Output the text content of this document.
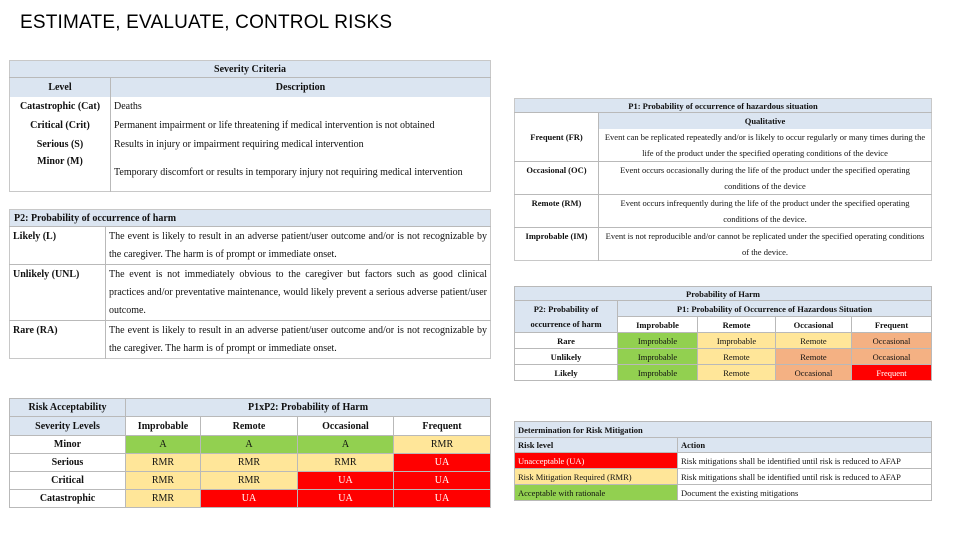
ESTIMATE, EVALUATE, CONTROL RISKS
Severity Criteria	
Level	Description
Catastrophic (Cat)	Deaths
Critical (Crit)	Permanent impairment or life threatening if medical intervention is not obtained
Serious (S)	Results in injury or impairment requiring medical intervention
Minor (M)	Temporary discomfort or results in temporary injury not requiring medical intervention
P2: Probability of occurrence of harm	
Likely (L)	The event is likely to result in an adverse patient/user outcome and/or is not recognizable by the caregiver. The harm is of prompt or immediate onset.
Unlikely (UNL)	The event is not immediately obvious to the caregiver but factors such as good clinical practices and/or preventative maintenance, would likely prevent a serious adverse patient/user outcome.
Rare (RA)	The event is likely to result in an adverse patient/user outcome and/or is not recognizable by the caregiver. The harm is of prompt or immediate onset.
Risk Acceptability	P1xP2: Probability of Harm			
Severity Levels	Improbable	Remote	Occasional	Frequent
Minor	A	A	A	RMR
Serious	RMR	RMR	RMR	UA
Critical	RMR	RMR	UA	UA
Catastrophic	RMR	UA	UA	UA
P1: Probability of occurrence of hazardous situation	
	Qualitative
Frequent (FR)	Event can be replicated repeatedly and/or is likely to occur regularly or many times during the life of the product under the specified operating conditions of the device
Occasional (OC)	Event occurs occasionally during the life of the product under the specified operating conditions of the device
Remote (RM)	Event occurs infrequently during the life of the product under the specified operating conditions of the device.
Improbable (IM)	Event is not reproducible and/or cannot be replicated under the specified operating conditions of the device.
Probability of Harm				
P2: Probability of occurrence of harm	P1: Probability of Occurrence of Hazardous Situation			
	Improbable	Remote	Occasional	Frequent
Rare	Improbable	Improbable	Remote	Occasional
Unlikely	Improbable	Remote	Remote	Occasional
Likely	Improbable	Remote	Occasional	Frequent
Determination for Risk Mitigation	
Risk level	Action
Unacceptable (UA)	Risk mitigations shall be identified until risk is reduced to AFAP
Risk Mitigation Required (RMR)	Risk mitigations shall be identified until risk is reduced to AFAP
Acceptable with rationale	Document the existing mitigations
